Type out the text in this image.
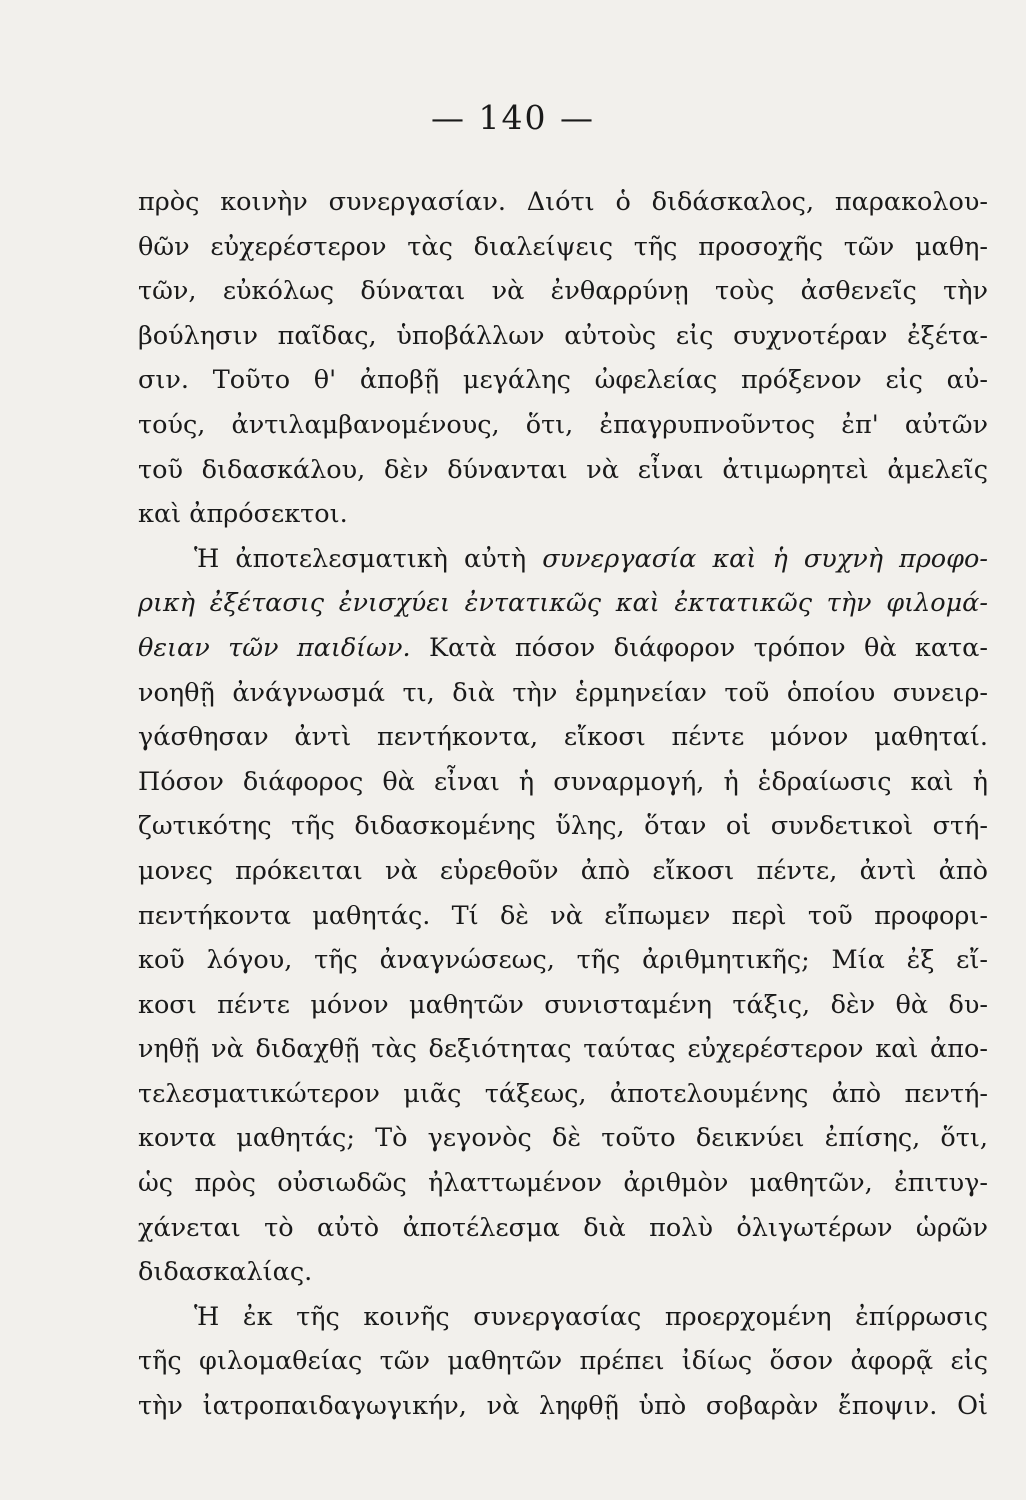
— 140 —
πρὸς κοινὴν συνεργασίαν. Διότι ὁ διδάσκαλος, παρακολου-
θῶν εὐχερέστερον τὰς διαλείψεις τῆς προσοχῆς τῶν μαθη-
τῶν, εὐκόλως δύναται νὰ ἐνθαρρύνῃ τοὺς ἀσθενεῖς τὴν
βούλησιν παῖδας, ὑποβάλλων αὐτοὺς εἰς συχνοτέραν ἐξέτα-
σιν. Τοῦτο θ' ἀποβῇ μεγάλης ὠφελείας πρόξενον εἰς αὐ-
τούς, ἀντιλαμβανομένους, ὅτι, ἐπαγρυπνοῦντος ἐπ' αὐτῶν
τοῦ διδασκάλου, δὲν δύνανται νὰ εἶναι ἀτιμωρητεὶ ἀμελεῖς
καὶ ἀπρόσεκτοι.
Ἡ ἀποτελεσματικὴ αὐτὴ συνεργασία καὶ ἡ συχνὴ προφο-
ρικὴ ἐξέτασις ἐνισχύει ἐντατικῶς καὶ ἐκτατικῶς τὴν φιλομά-
θειαν τῶν παιδίων. Κατὰ πόσον διάφορον τρόπον θὰ κατα-
νοηθῇ ἀνάγνωσμά τι, διὰ τὴν ἑρμηνείαν τοῦ ὁποίου συνειρ-
γάσθησαν ἀντὶ πεντήκοντα, εἴκοσι πέντε μόνον μαθηταί.
Πόσον διάφορος θὰ εἶναι ἡ συναρμογή, ἡ ἑδραίωσις καὶ ἡ
ζωτικότης τῆς διδασκομένης ὕλης, ὅταν οἱ συνδετικοὶ στή-
μονες πρόκειται νὰ εὑρεθοῦν ἀπὸ εἴκοσι πέντε, ἀντὶ ἀπὸ
πεντήκοντα μαθητάς. Τί δὲ νὰ εἴπωμεν περὶ τοῦ προφορι-
κοῦ λόγου, τῆς ἀναγνώσεως, τῆς ἀριθμητικῆς; Μία ἐξ εἴ-
κοσι πέντε μόνον μαθητῶν συνισταμένη τάξις, δὲν θὰ δυ-
νηθῇ νὰ διδαχθῇ τὰς δεξιότητας ταύτας εὐχερέστερον καὶ ἀπο-
τελεσματικώτερον μιᾶς τάξεως, ἀποτελουμένης ἀπὸ πεντή-
κοντα μαθητάς; Τὸ γεγονὸς δὲ τοῦτο δεικνύει ἐπίσης, ὅτι,
ὡς πρὸς οὐσιωδῶς ἠλαττωμένον ἀριθμὸν μαθητῶν, ἐπιτυγ-
χάνεται τὸ αὐτὸ ἀποτέλεσμα διὰ πολὺ ὀλιγωτέρων ὡρῶν
διδασκαλίας.
Ἡ ἐκ τῆς κοινῆς συνεργασίας προερχομένη ἐπίρρωσις
τῆς φιλομαθείας τῶν μαθητῶν πρέπει ἰδίως ὅσον ἀφορᾷ εἰς
τὴν ἰατροπαιδαγωγικήν, νὰ ληφθῇ ὑπὸ σοβαρὰν ἔποψιν. Οἱ
